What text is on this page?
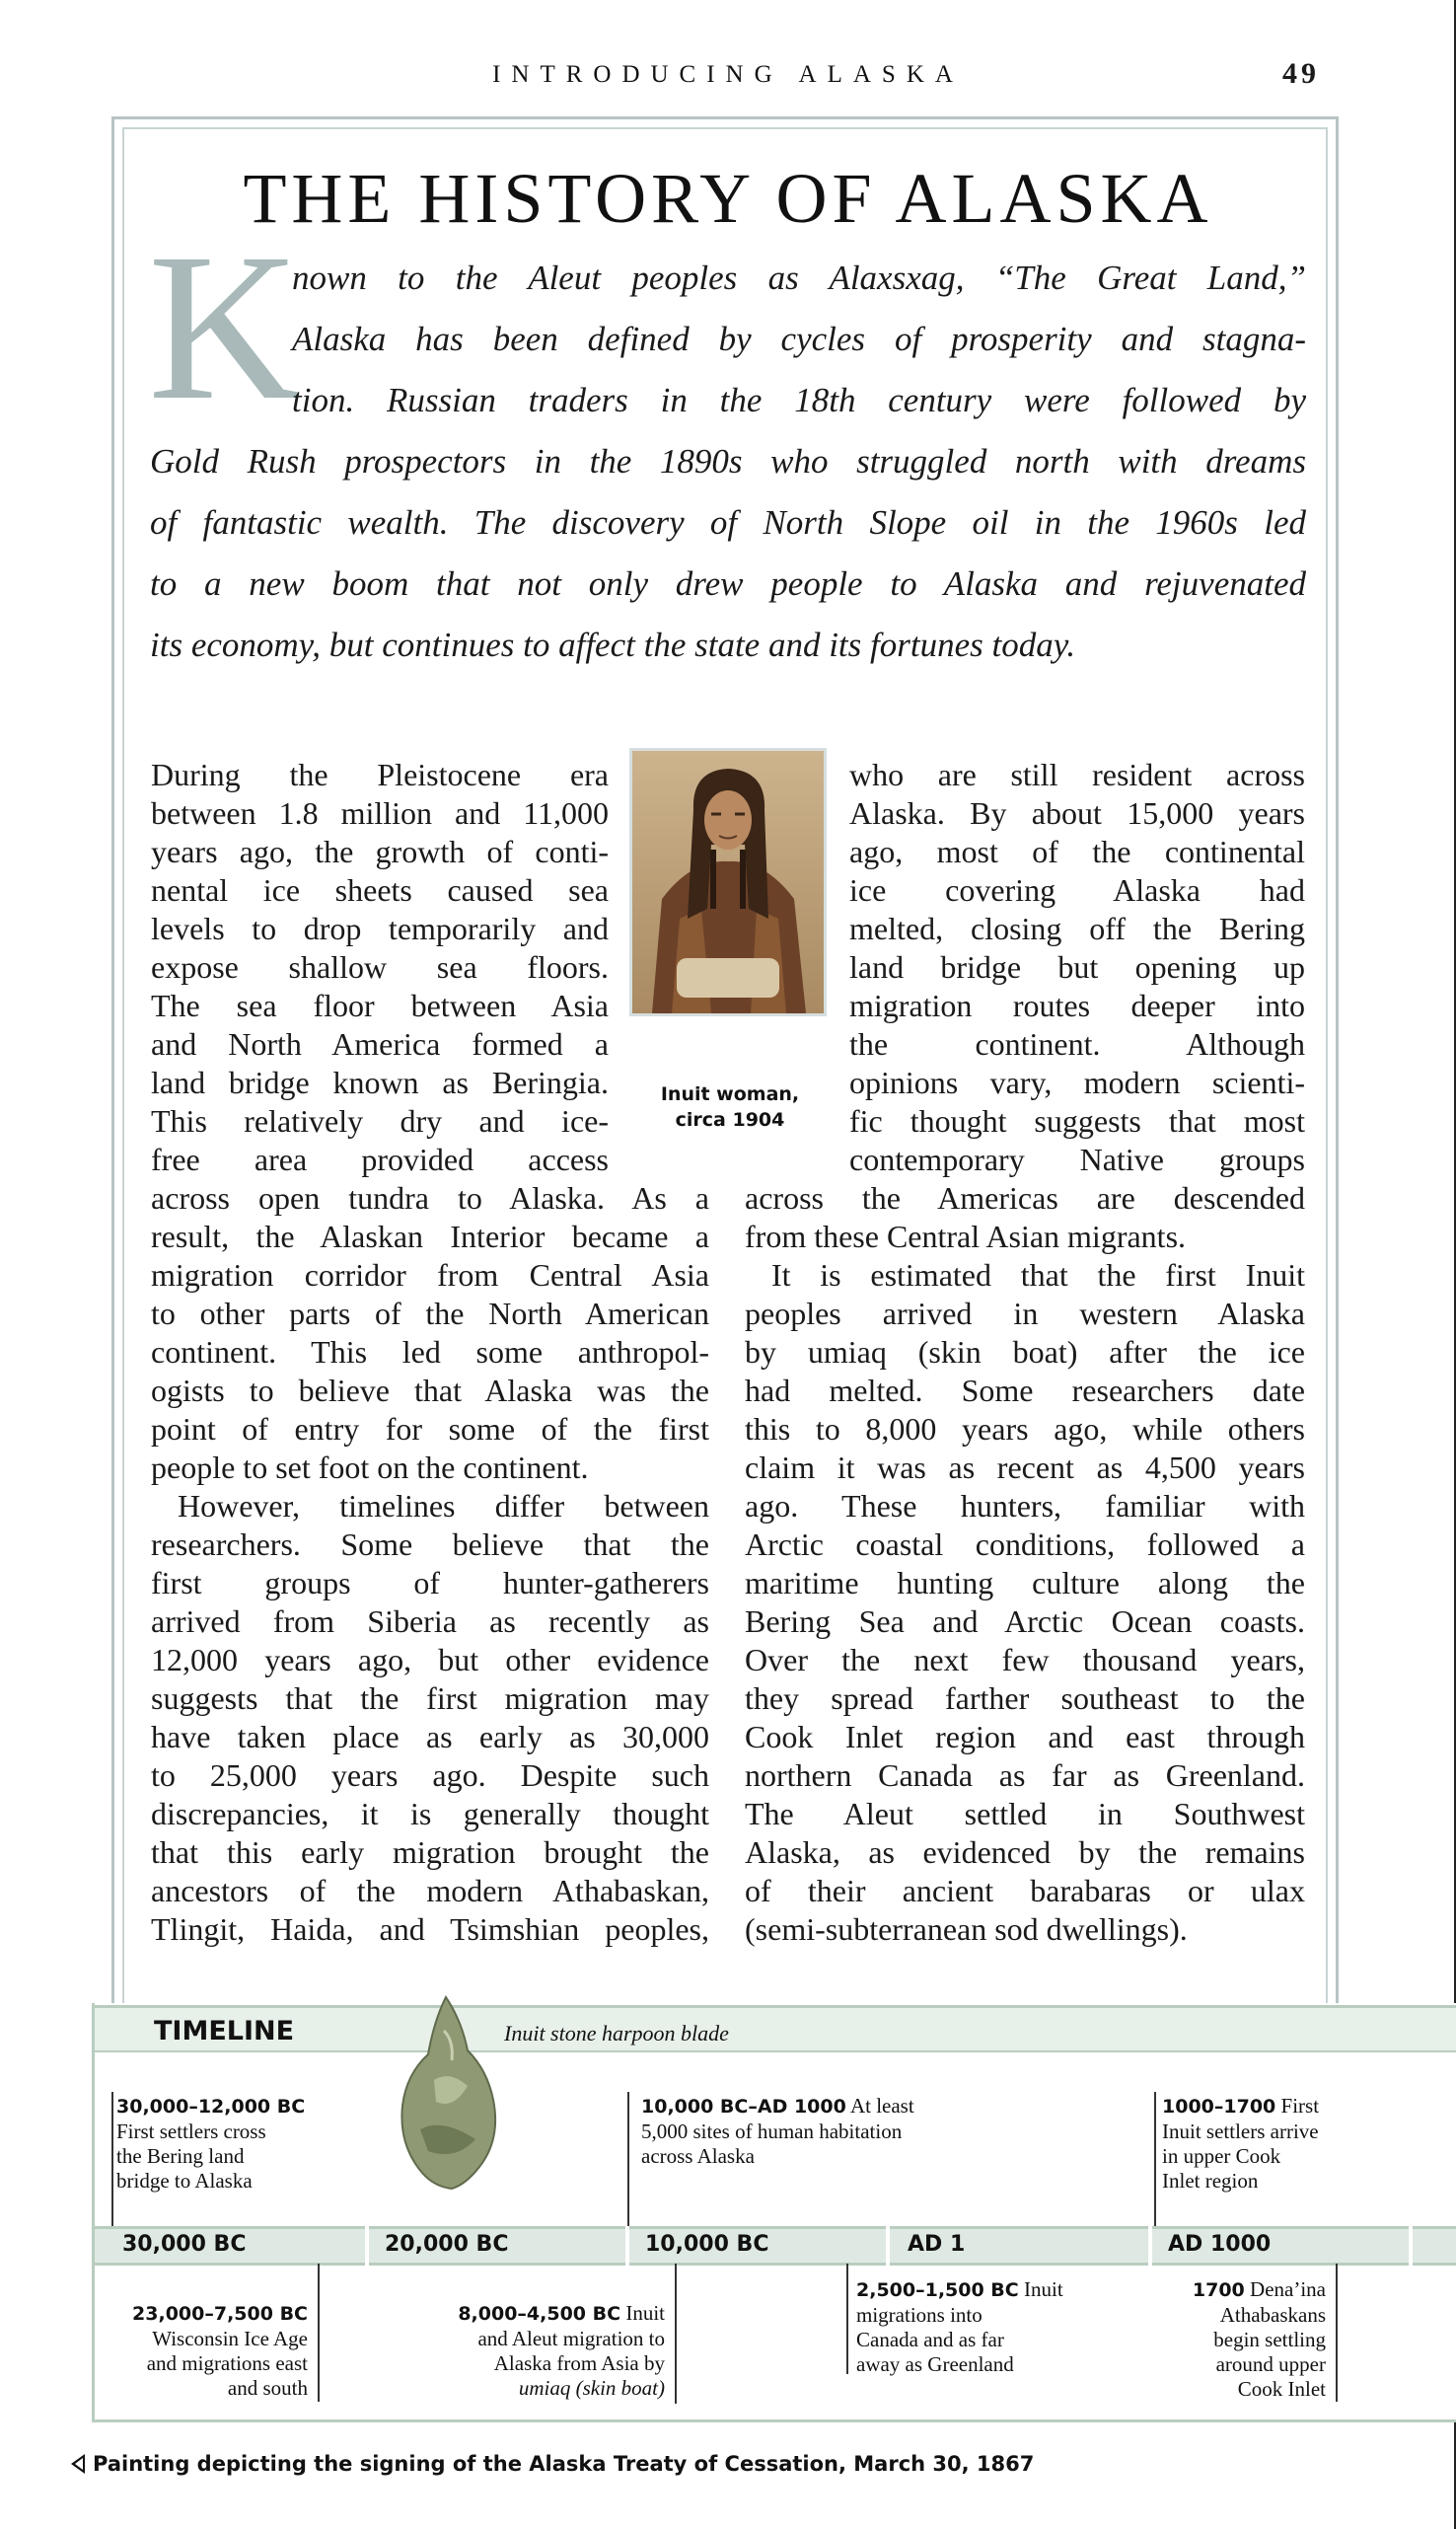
INTRODUCING ALASKA	49
THE HISTORY OF ALASKA
K
nown to the Aleut peoples as Alaxsxag, “The Great Land,”
Alaska has been defined by cycles of prosperity and stagna-
tion. Russian traders in the 18th century were followed by
Gold Rush prospectors in the 1890s who struggled north with dreams
of fantastic wealth. The discovery of North Slope oil in the 1960s led
to a new boom that not only drew people to Alaska and rejuvenated
its economy, but continues to affect the state and its fortunes today.
Inuit woman,
circa 1904
During the Pleistocene era
between 1.8 million and 11,000
years ago, the growth of conti-
nental ice sheets caused sea
levels to drop temporarily and
expose shallow sea floors.
The sea floor between Asia
and North America formed a
land bridge known as Beringia.
This relatively dry and ice-
free area provided access
across open tundra to Alaska. As a
result, the Alaskan Interior became a
migration corridor from Central Asia
to other parts of the North American
continent. This led some anthropol-
ogists to believe that Alaska was the
point of entry for some of the first
people to set foot on the continent.
However, timelines differ between
researchers. Some believe that the
first groups of hunter-gatherers
arrived from Siberia as recently as
12,000 years ago, but other evidence
suggests that the first migration may
have taken place as early as 30,000
to 25,000 years ago. Despite such
discrepancies, it is generally thought
that this early migration brought the
ancestors of the modern Athabaskan,
Tlingit, Haida, and Tsimshian peoples,
who are still resident across
Alaska. By about 15,000 years
ago, most of the continental
ice covering Alaska had
melted, closing off the Bering
land bridge but opening up
migration routes deeper into
the continent. Although
opinions vary, modern scienti-
fic thought suggests that most
contemporary Native groups
across the Americas are descended
from these Central Asian migrants.
It is estimated that the first Inuit
peoples arrived in western Alaska
by umiaq (skin boat) after the ice
had melted. Some researchers date
this to 8,000 years ago, while others
claim it was as recent as 4,500 years
ago. These hunters, familiar with
Arctic coastal conditions, followed a
maritime hunting culture along the
Bering Sea and Arctic Ocean coasts.
Over the next few thousand years,
they spread farther southeast to the
Cook Inlet region and east through
northern Canada as far as Greenland.
The Aleut settled in Southwest
Alaska, as evidenced by the remains
of their ancient barabaras or ulax
(semi-subterranean sod dwellings).
TIMELINE	Inuit stone harpoon blade
30,000–12,000 BC
First settlers cross
the Bering land
bridge to Alaska
10,000 BC–AD 1000 At least
5,000 sites of human habitation
across Alaska
1000–1700 First
Inuit settlers arrive
in upper Cook
Inlet region
30,000 BC	20,000 BC	10,000 BC	AD 1	AD 1000
23,000–7,500 BC
Wisconsin Ice Age
and migrations east
and south
8,000–4,500 BC Inuit
and Aleut migration to
Alaska from Asia by
umiaq (skin boat)
2,500–1,500 BC Inuit
migrations into
Canada and as far
away as Greenland
1700 Dena’ina
Athabaskans
begin settling
around upper
Cook Inlet
Painting depicting the signing of the Alaska Treaty of Cessation, March 30, 1867
